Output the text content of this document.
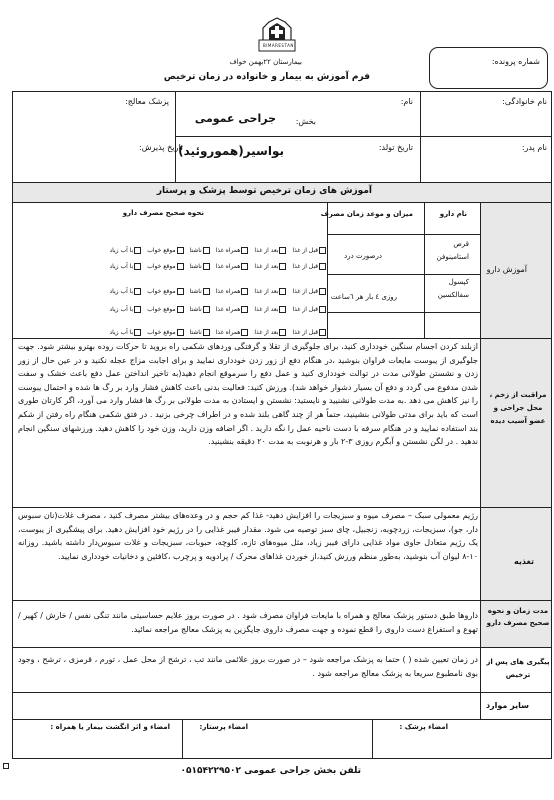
BIMARESTAN
بیمارستان ۲۲بهمن خواف
فرم آموزش به بیمار و خانواده در زمان ترخیص
شماره پرونده:
نام خانوادگی:
نام:
بخش:
جراحی عمومی
پزشک معالج:
نام پدر:
تاریخ تولد:
بواسیر(هموروئید)
تاریخ پذیرش:
آموزش های زمان ترخیص توسط پزشک و پرستار
آموزش دارو
نام دارو
میزان و موعد زمان مصرف
نحوه صحیح مصرف دارو
قرص استامینوفن
درصورت درد
کپسول سفالکسین
روزی ٤ بار هر ٦ساعت
قبل از غذابعد از غذاهمراه غذاناشتاموقع خواببا آب زیاد
قبل از غذابعد از غذاهمراه غذاناشتاموقع خواببا آب زیاد
قبل از غذابعد از غذاهمراه غذاناشتاموقع خواببا آب زیاد
قبل از غذابعد از غذاهمراه غذاناشتاموقع خواببا آب زیاد
قبل از غذابعد از غذاهمراه غذاناشتاموقع خواببا آب زیاد
مراقبت از زخم ، محل جراحی و عضو آسیب دیده
ازبلند کردن اجسام سنگین خودداری کنید، برای جلوگیری از تقلا و گرفتگی وردهای شکمی راه بروید تا حرکات روده بهترو بیشتر شود. جهت جلوگیری از یبوست مایعات فراوان بنوشید ،در هنگام دفع از زور زدن خودداری نمایید و برای اجابت مزاج عجله نکنید و در عین حال از زور زدن و نشستن طولانی مدت در توالت خودداری کنید و عمل دفع را سرموقع انجام دهید(به تاخیر انداختن عمل دفع باعث خشک و سفت شدن مدفوع می گردد و دفع آن بسیار دشوار خواهد شد). ورزش کنید: فعالیت بدنی باعث کاهش فشار وارد بر رگ ها شده و احتمال یبوست را نیز کاهش می دهد .به مدت طولانی نشنیید و نایستید: نشستن و ایستادن به مدت طولانی بر رگ ها فشار وارد می آورد، اگر کارتان طوری است که باید برای مدتی طولانی بنشینید، حتماً هر از چند گاهی بلند شده و در اطراف چرخی بزنید . در فتق شکمی هنگام راه رفتن از شکم بند استفاده نمایید و در هنگام سرفه با دست ناحیه عمل را نگه دارید . اگر اضافه وزن دارید، وزن خود را کاهش دهید. ورزشهای سنگین انجام ندهید . در لگن نشستن و آبگرم روزی ۳-۲ بار و هرنوبت به مدت ۲۰ دقیقه بنشینید.
تغذیه
رژیم معمولی سبک – مصرف میوه و سبزیجات را افزایش دهید- غذا کم حجم و در وعده‌های بیشتر مصرف کنید ، مصرف غلات(نان سبوس دار، جو)، سبزیجات، زردچوبه، زنجبیل، چای سبز توصیه می شود. مقدار فیبر غذایی را در رژیم خود افزایش دهید. برای پیشگیری از یبوست، یک رژیم متعادل حاوی مواد غذایی دارای فیبر زیاد، مثل میوه‌های تازه، کلوچه، حبوبات، سبزیجات و غلات سبوس‌دار داشته باشید. روزانه ۱۰-۸ لیوان آب بنوشید، به‌طور منظم ورزش کنید،از خوردن غذاهای محرک / پرادویه و پرچرب ،کافئین و دخانیات خودداری نمایید.
مدت زمان و نحوه صحیح مصرف دارو
داروها طبق دستور پزشک معالج و همراه با مایعات فراوان مصرف شود . در صورت بروز علایم حساسیتی مانند تنگی نفس / خارش / کهیر /تهوع و استفراغ دست داروی را قطع نموده و جهت مصرف داروی جایگزین به پزشک معالج مراجعه نمائید.
پیگیری های پس از ترخیص
در زمان تعیین شده ( ) حتما به پزشک مراجعه شود – در صورت بروز علائمی مانند تب ، ترشح از محل عمل ، تورم ، قرمزی ، ترشح ، وجود بوی نامطبوع سریعا به پزشک معالج مراجعه شود .
سایر موارد
امضاء پزشک :
امضاء پرستار:
امضاء و اثر انگشت بیمار یا همراه :
تلفن بخش جراحی عمومی ۰۵۱۵۴۲۲۹۵۰۲
